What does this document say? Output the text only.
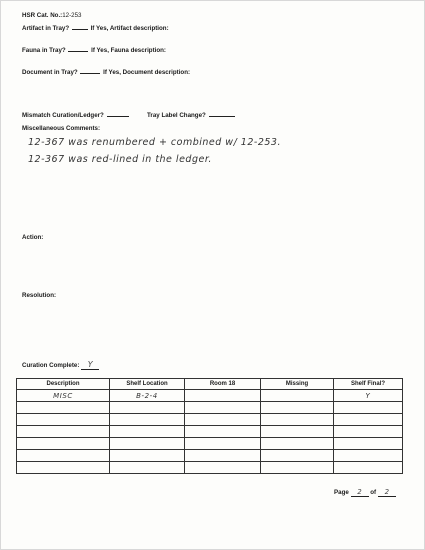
HSR Cat. No.:12-253
Artifact in Tray?	If Yes, Artifact description:
Fauna in Tray?	If Yes, Fauna description:
Document in Tray?	If Yes, Document description:
Mismatch Curation/Ledger?	Tray Label Change?
Miscellaneous Comments:
12-367 was renumbered + combined w/ 12-253.
12-367 was red-lined in the ledger.
Action:
Resolution:
Curation Complete: Y
Description	Shelf Location	Room 18	Missing	Shelf Final?
MISC	B-2-4			Y

Page 2 of 2
